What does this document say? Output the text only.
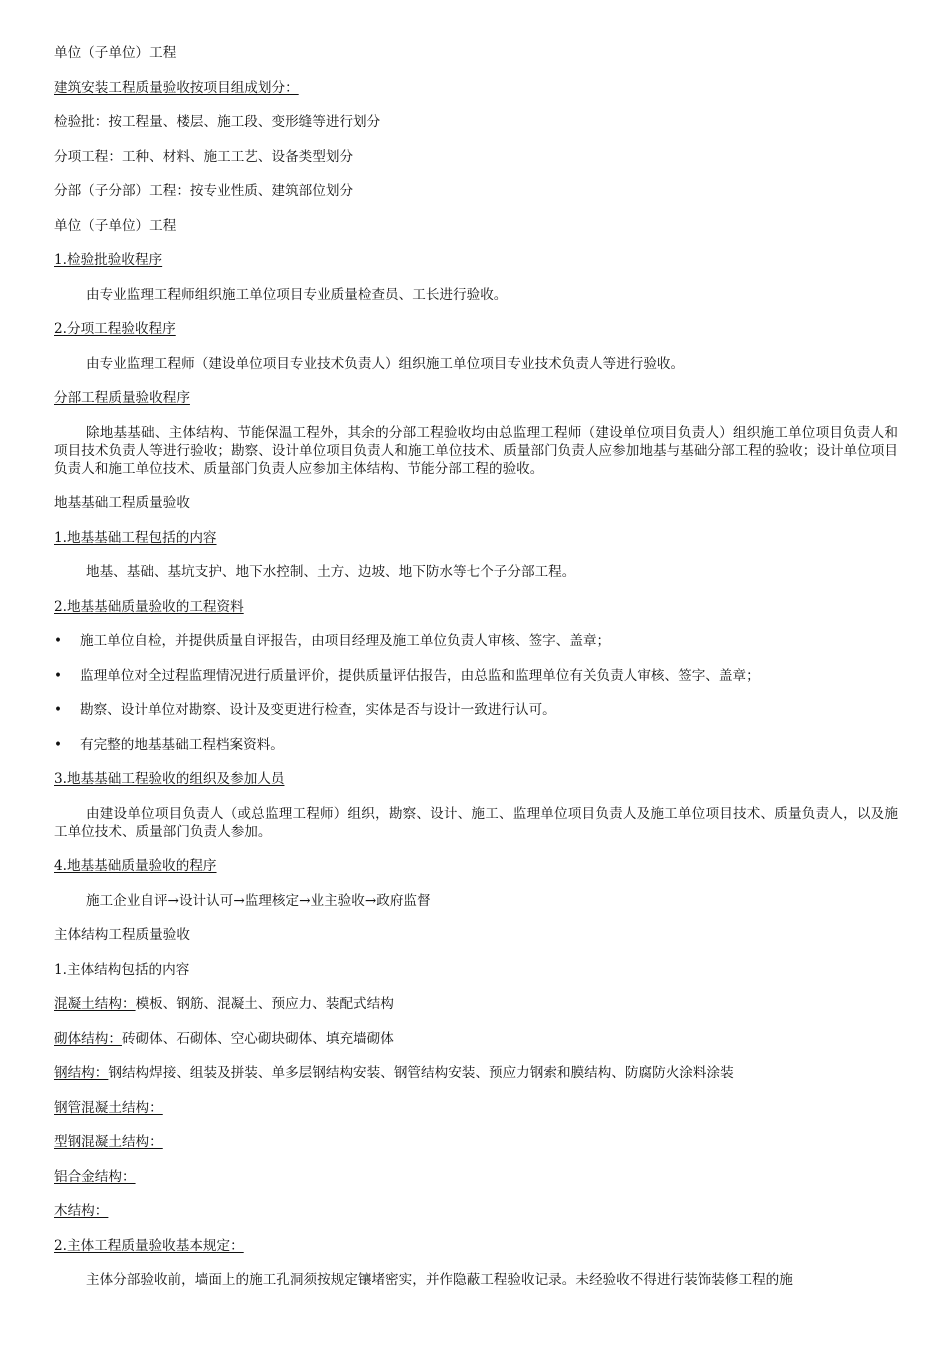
单位（子单位）工程

建筑安装工程质量验收按项目组成划分：

检验批：按工程量、楼层、施工段、变形缝等进行划分

分项工程：工种、材料、施工工艺、设备类型划分

分部（子分部）工程：按专业性质、建筑部位划分

单位（子单位）工程

1.检验批验收程序

由专业监理工程师组织施工单位项目专业质量检查员、工长进行验收。

2.分项工程验收程序

由专业监理工程师（建设单位项目专业技术负责人）组织施工单位项目专业技术负责人等进行验收。

分部工程质量验收程序

除地基基础、主体结构、节能保温工程外，其余的分部工程验收均由总监理工程师（建设单位项目负责人）组织施工单位项目负责人和项目技术负责人等进行验收；勘察、设计单位项目负责人和施工单位技术、质量部门负责人应参加地基与基础分部工程的验收；设计单位项目负责人和施工单位技术、质量部门负责人应参加主体结构、节能分部工程的验收。

地基基础工程质量验收

1.地基基础工程包括的内容

地基、基础、基坑支护、地下水控制、土方、边坡、地下防水等七个子分部工程。

2.地基基础质量验收的工程资料

• 施工单位自检，并提供质量自评报告，由项目经理及施工单位负责人审核、签字、盖章；

• 监理单位对全过程监理情况进行质量评价，提供质量评估报告，由总监和监理单位有关负责人审核、签字、盖章；

• 勘察、设计单位对勘察、设计及变更进行检查，实体是否与设计一致进行认可。

• 有完整的地基基础工程档案资料。

3.地基基础工程验收的组织及参加人员

由建设单位项目负责人（或总监理工程师）组织，勘察、设计、施工、监理单位项目负责人及施工单位项目技术、质量负责人，以及施工单位技术、质量部门负责人参加。

4.地基基础质量验收的程序

施工企业自评→设计认可→监理核定→业主验收→政府监督

主体结构工程质量验收

1.主体结构包括的内容

混凝土结构：模板、钢筋、混凝土、预应力、装配式结构

砌体结构：砖砌体、石砌体、空心砌块砌体、填充墙砌体

钢结构：钢结构焊接、组装及拼装、单多层钢结构安装、钢管结构安装、预应力钢索和膜结构、防腐防火涂料涂装

钢管混凝土结构：

型钢混凝土结构：

铝合金结构：

木结构：

2.主体工程质量验收基本规定：

主体分部验收前，墙面上的施工孔洞须按规定镶堵密实，并作隐蔽工程验收记录。未经验收不得进行装饰装修工程的施
